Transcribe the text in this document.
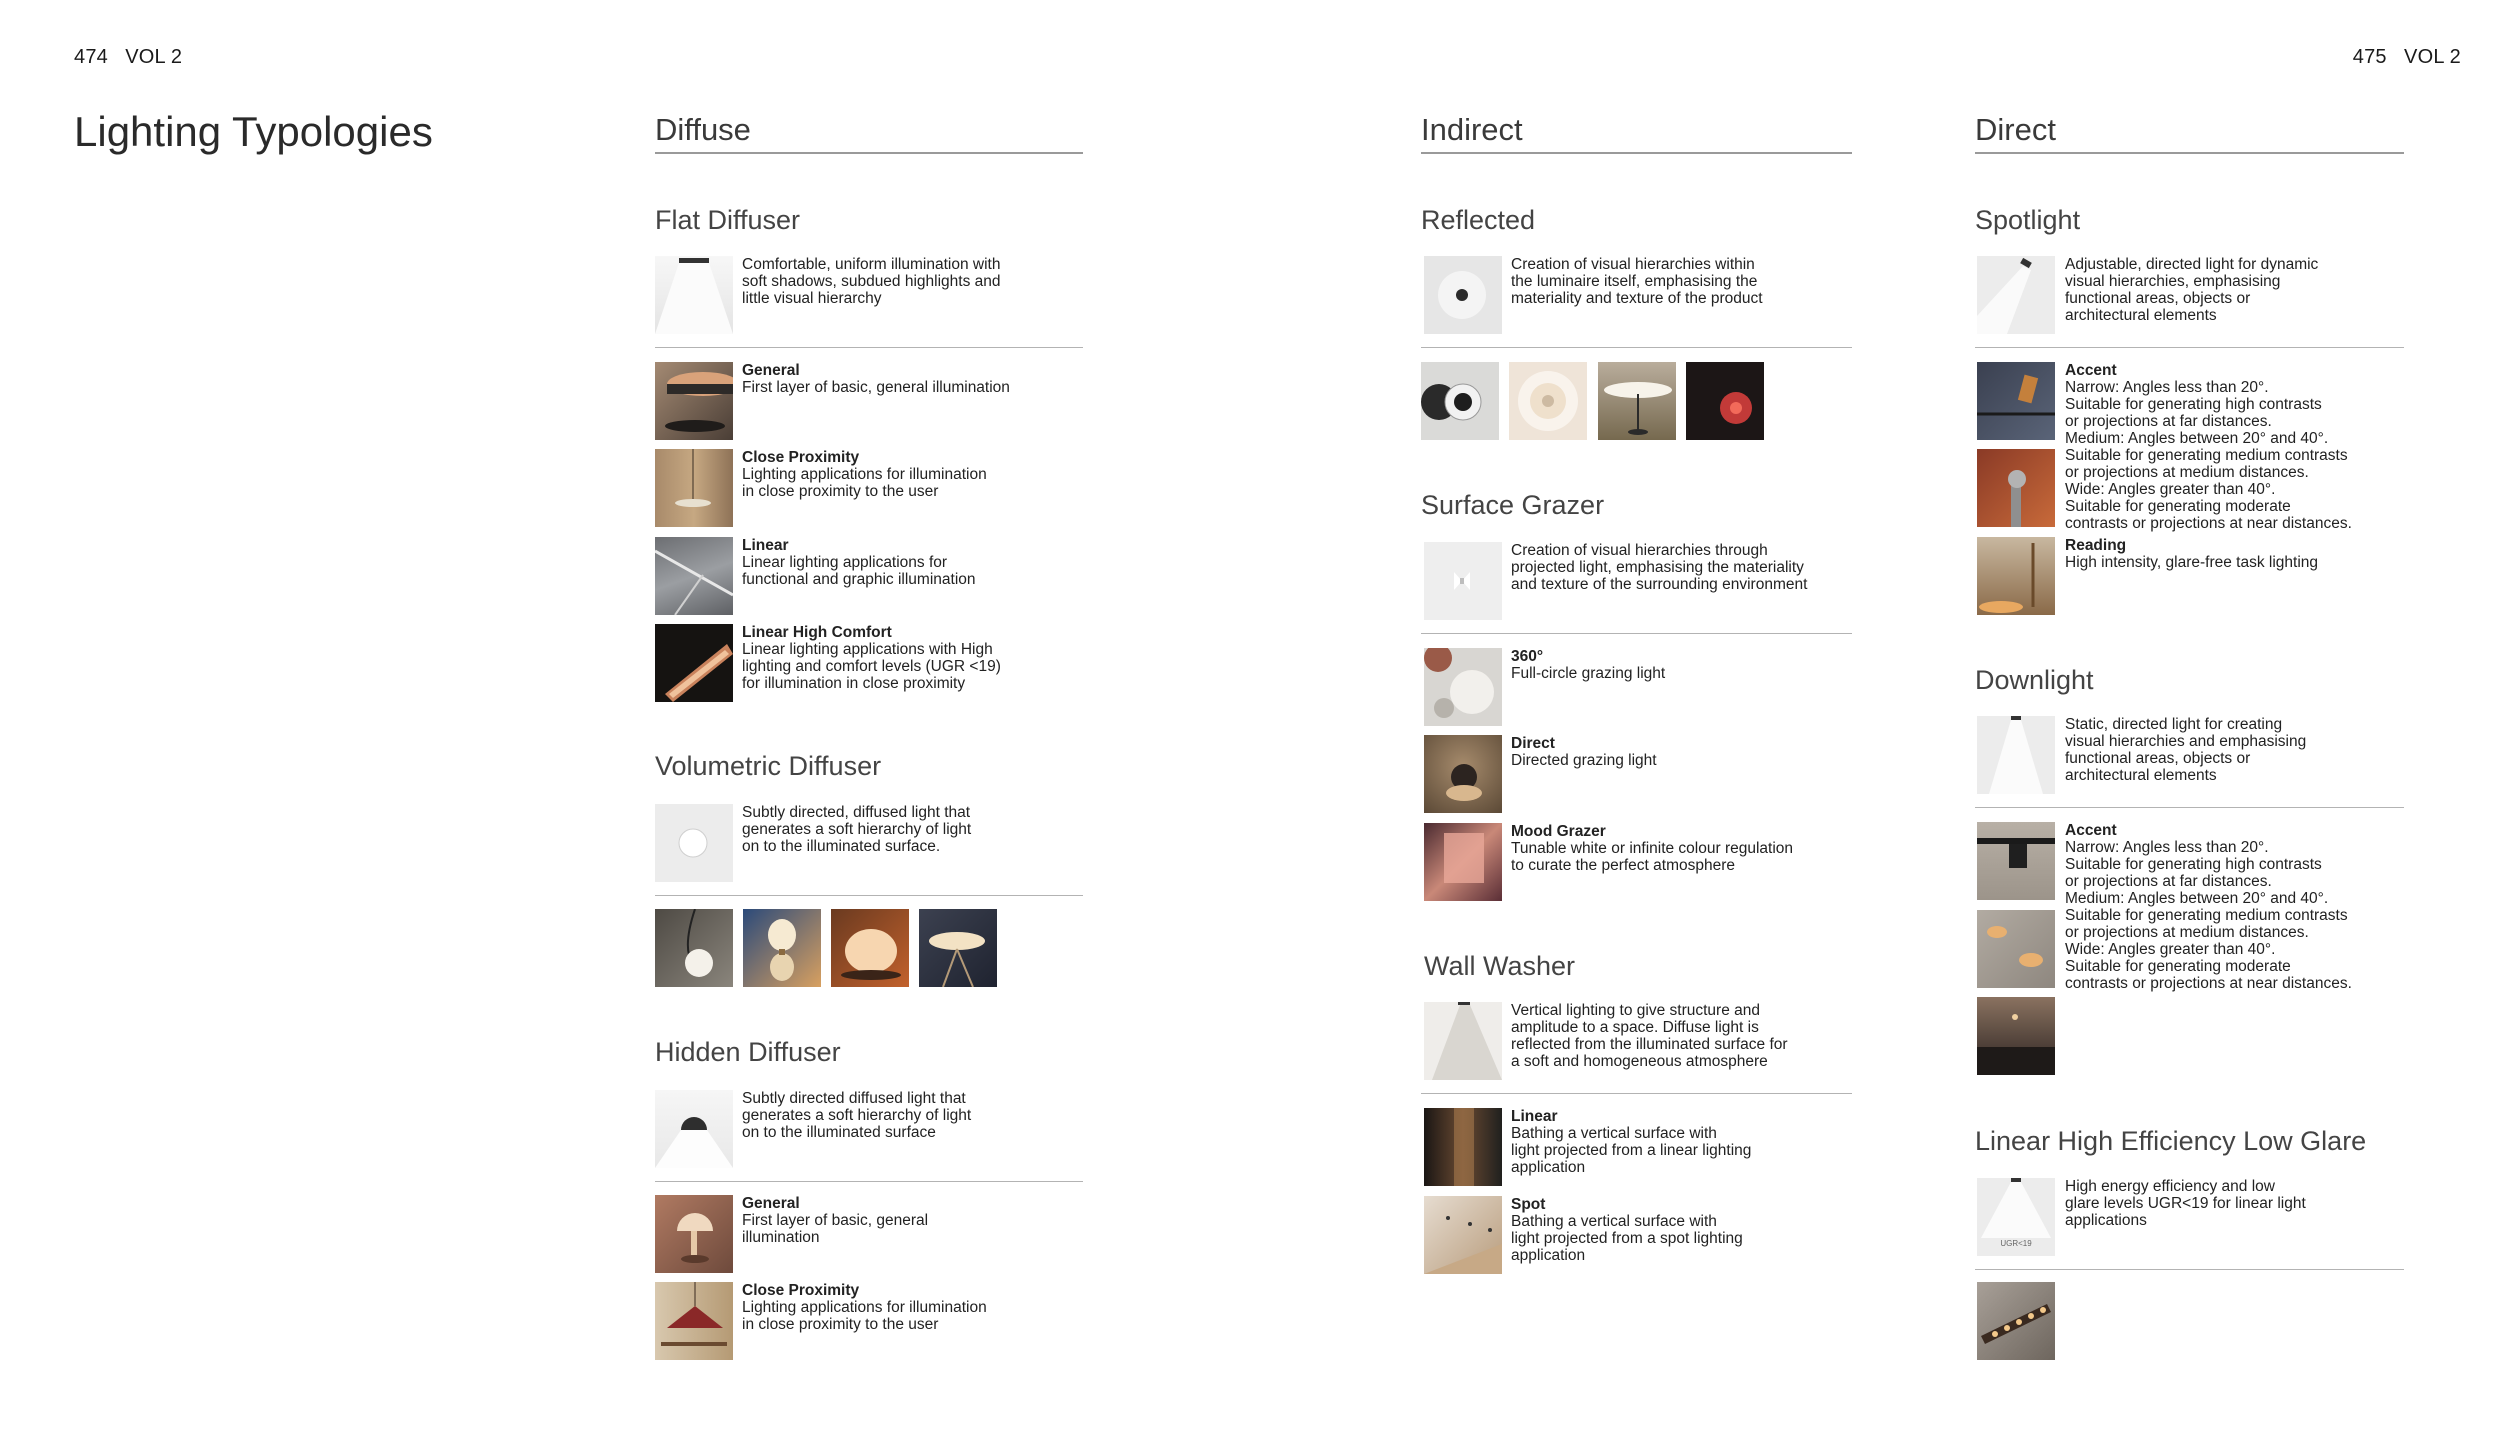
474 VOL 2	475 VOL 2
Lighting Typologies	Diffuse
Flat Diffuser
Comfortable, uniform illumination with
soft shadows, subdued highlights and
little visual hierarchy
General
First layer of basic, general illumination
Close Proximity
Lighting applications for illumination
in close proximity to the user
Linear
Linear lighting applications for
functional and graphic illumination
Linear High Comfort
Linear lighting applications with High
lighting and comfort levels (UGR <19)
for illumination in close proximity
Volumetric Diffuser
Subtly directed, diffused light that
generates a soft hierarchy of light
on to the illuminated surface.
Hidden Diffuser
Subtly directed diffused light that
generates a soft hierarchy of light
on to the illuminated surface
General
First layer of basic, general
illumination
Close Proximity
Lighting applications for illumination
in close proximity to the user
Indirect
Reflected
Creation of visual hierarchies within
the luminaire itself, emphasising the
materiality and texture of the product
Surface Grazer
Creation of visual hierarchies through
projected light, emphasising the materiality
and texture of the surrounding environment
360°
Full-circle grazing light
Direct
Directed grazing light
Mood Grazer
Tunable white or infinite colour regulation
to curate the perfect atmosphere
Wall Washer
Vertical lighting to give structure and
amplitude to a space. Diffuse light is
reflected from the illuminated surface for
a soft and homogeneous atmosphere
Linear
Bathing a vertical surface with
light projected from a linear lighting
application
Spot
Bathing a vertical surface with
light projected from a spot lighting
application
Direct
Spotlight
Adjustable, directed light for dynamic
visual hierarchies, emphasising
functional areas, objects or
architectural elements
Accent
Narrow: Angles less than 20°.
Suitable for generating high contrasts
or projections at far distances.
Medium: Angles between 20° and 40°.
Suitable for generating medium contrasts
or projections at medium distances.
Wide: Angles greater than 40°.
Suitable for generating moderate
contrasts or projections at near distances.
Reading
High intensity, glare-free task lighting
Downlight
Static, directed light for creating
visual hierarchies and emphasising
functional areas, objects or
architectural elements
Accent
Narrow: Angles less than 20°.
Suitable for generating high contrasts
or projections at far distances.
Medium: Angles between 20° and 40°.
Suitable for generating medium contrasts
or projections at medium distances.
Wide: Angles greater than 40°.
Suitable for generating moderate
contrasts or projections at near distances.
Linear High Efficiency Low Glare
UGR<19
High energy efficiency and low
glare levels UGR<19 for linear light
applications
